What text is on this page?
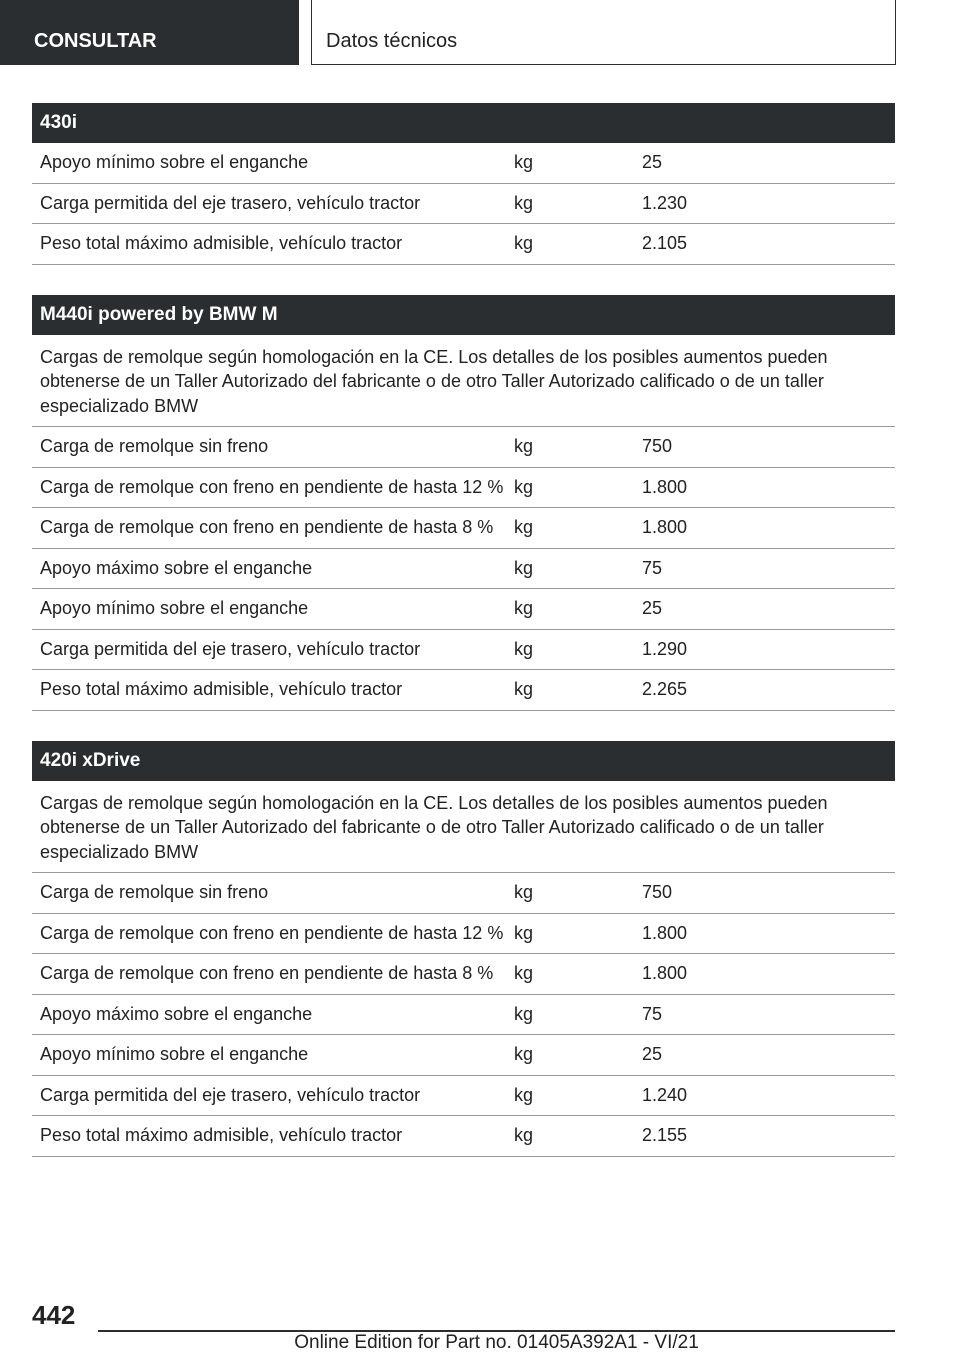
CONSULTAR	Datos técnicos
430i
Apoyo mínimo sobre el enganche	kg	25
Carga permitida del eje trasero, vehículo tractor	kg	1.230
Peso total máximo admisible, vehículo tractor	kg	2.105
M440i powered by BMW M
Cargas de remolque según homologación en la CE. Los detalles de los posibles aumentos pueden obtenerse de un Taller Autorizado del fabricante o de otro Taller Autorizado calificado o de un taller especializado BMW
Carga de remolque sin freno	kg	750
Carga de remolque con freno en pendiente de hasta 12 % kg	1.800
Carga de remolque con freno en pendiente de hasta 8 %	kg	1.800
Apoyo máximo sobre el enganche	kg	75
Apoyo mínimo sobre el enganche	kg	25
Carga permitida del eje trasero, vehículo tractor	kg	1.290
Peso total máximo admisible, vehículo tractor	kg	2.265
420i xDrive
Cargas de remolque según homologación en la CE. Los detalles de los posibles aumentos pueden obtenerse de un Taller Autorizado del fabricante o de otro Taller Autorizado calificado o de un taller especializado BMW
Carga de remolque sin freno	kg	750
Carga de remolque con freno en pendiente de hasta 12 % kg	1.800
Carga de remolque con freno en pendiente de hasta 8 %	kg	1.800
Apoyo máximo sobre el enganche	kg	75
Apoyo mínimo sobre el enganche	kg	25
Carga permitida del eje trasero, vehículo tractor	kg	1.240
Peso total máximo admisible, vehículo tractor	kg	2.155
442
Online Edition for Part no. 01405A392A1 - VI/21
